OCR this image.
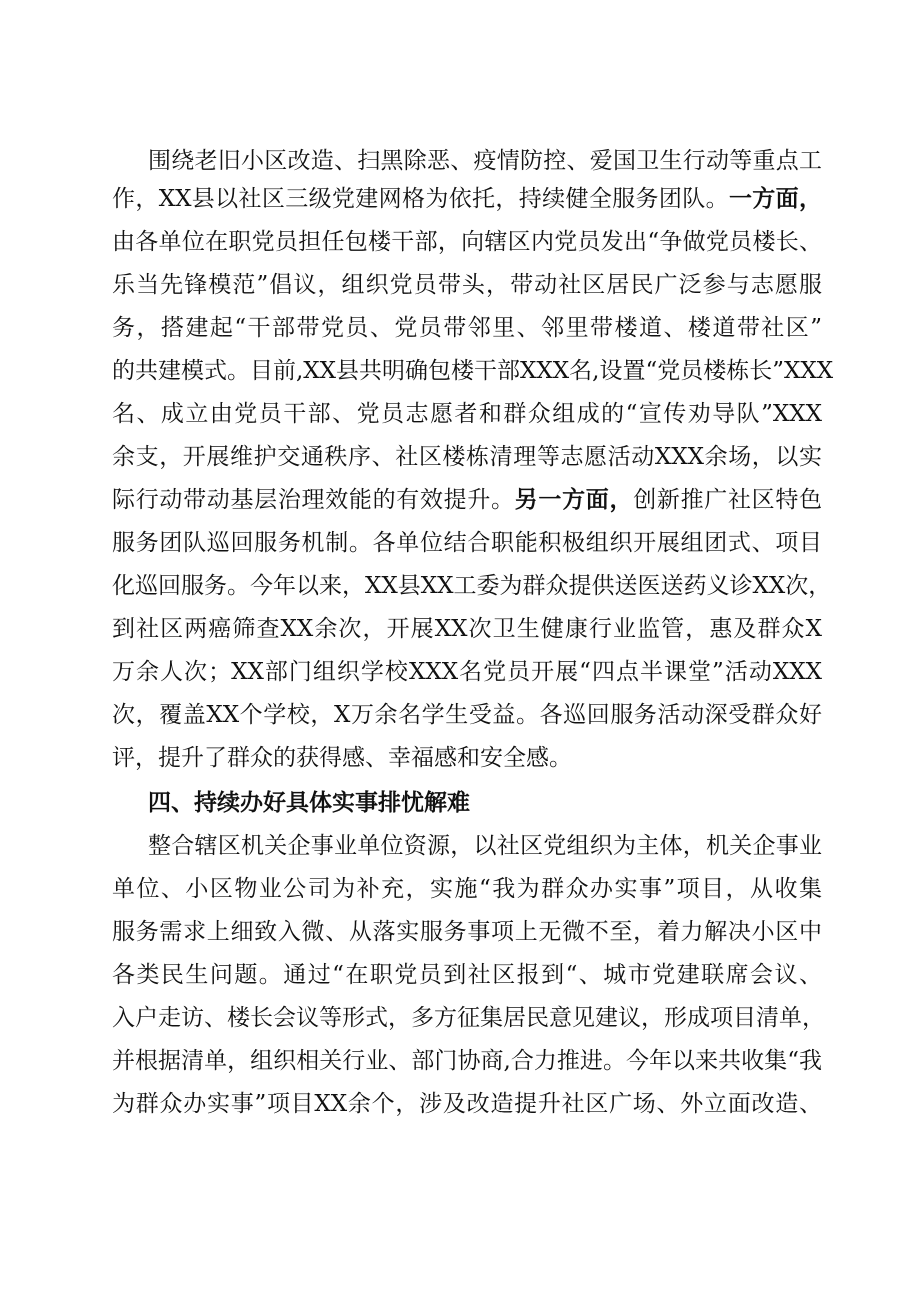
围绕老旧小区改造、扫黑除恶、疫情防控、爱国卫生行动等重点工
作，XX县以社区三级党建网格为依托，持续健全服务团队。一方面，
由各单位在职党员担任包楼干部，向辖区内党员发出“争做党员楼长、
乐当先锋模范”倡议，组织党员带头，带动社区居民广泛参与志愿服
务，搭建起“干部带党员、党员带邻里、邻里带楼道、楼道带社区”
的共建模式。目前,XX县共明确包楼干部XXX名,设置“党员楼栋长”XXX
名、成立由党员干部、党员志愿者和群众组成的“宣传劝导队”XXX
余支，开展维护交通秩序、社区楼栋清理等志愿活动XXX余场，以实
际行动带动基层治理效能的有效提升。另一方面，创新推广社区特色
服务团队巡回服务机制。各单位结合职能积极组织开展组团式、项目
化巡回服务。今年以来，XX县XX工委为群众提供送医送药义诊XX次，
到社区两癌筛查XX余次，开展XX次卫生健康行业监管，惠及群众X
万余人次；XX部门组织学校XXX名党员开展“四点半课堂”活动XXX
次，覆盖XX个学校，X万余名学生受益。各巡回服务活动深受群众好
评，提升了群众的获得感、幸福感和安全感。
四、持续办好具体实事排忧解难
整合辖区机关企事业单位资源，以社区党组织为主体，机关企事业
单位、小区物业公司为补充，实施“我为群众办实事”项目，从收集
服务需求上细致入微、从落实服务事项上无微不至，着力解决小区中
各类民生问题。通过“在职党员到社区报到“、城市党建联席会议、
入户走访、楼长会议等形式，多方征集居民意见建议，形成项目清单，
并根据清单，组织相关行业、部门协商,合力推进。今年以来共收集“我
为群众办实事”项目XX余个，涉及改造提升社区广场、外立面改造、
